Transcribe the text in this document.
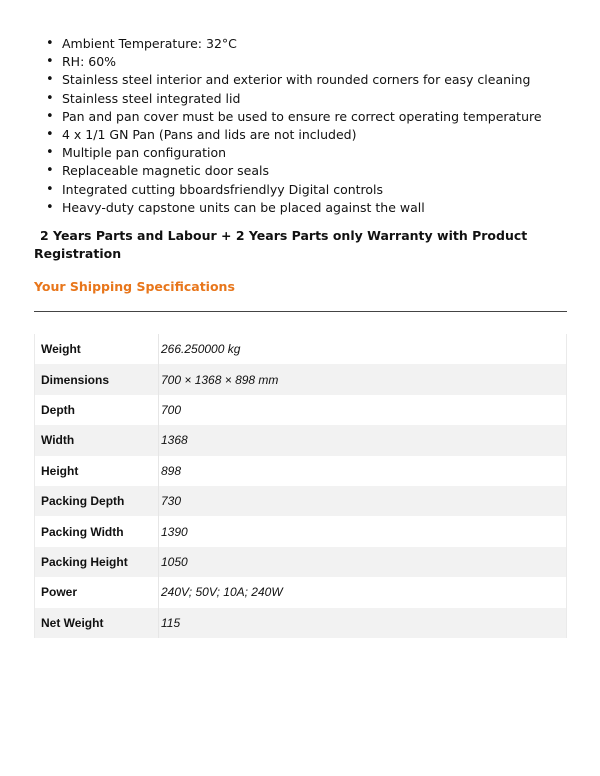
• Ambient Temperature: 32°C
• RH: 60%
• Stainless steel interior and exterior with rounded corners for easy cleaning
• Stainless steel integrated lid
• Pan and pan cover must be used to ensure re correct operating temperature
• 4 x 1/1 GN Pan (Pans and lids are not included)
• Multiple pan configuration
• Replaceable magnetic door seals
• Integrated cutting bboardsfriendlyy Digital controls
• Heavy-duty capstone units can be placed against the wall
2 Years Parts and Labour + 2 Years Parts only Warranty with Product Registration
Your Shipping Specifications
Weight	266.250000 kg
Dimensions	700 × 1368 × 898 mm
Depth	700
Width	1368
Height	898
Packing Depth	730
Packing Width	1390
Packing Height	1050
Power	240V; 50V; 10A; 240W
Net Weight	115
